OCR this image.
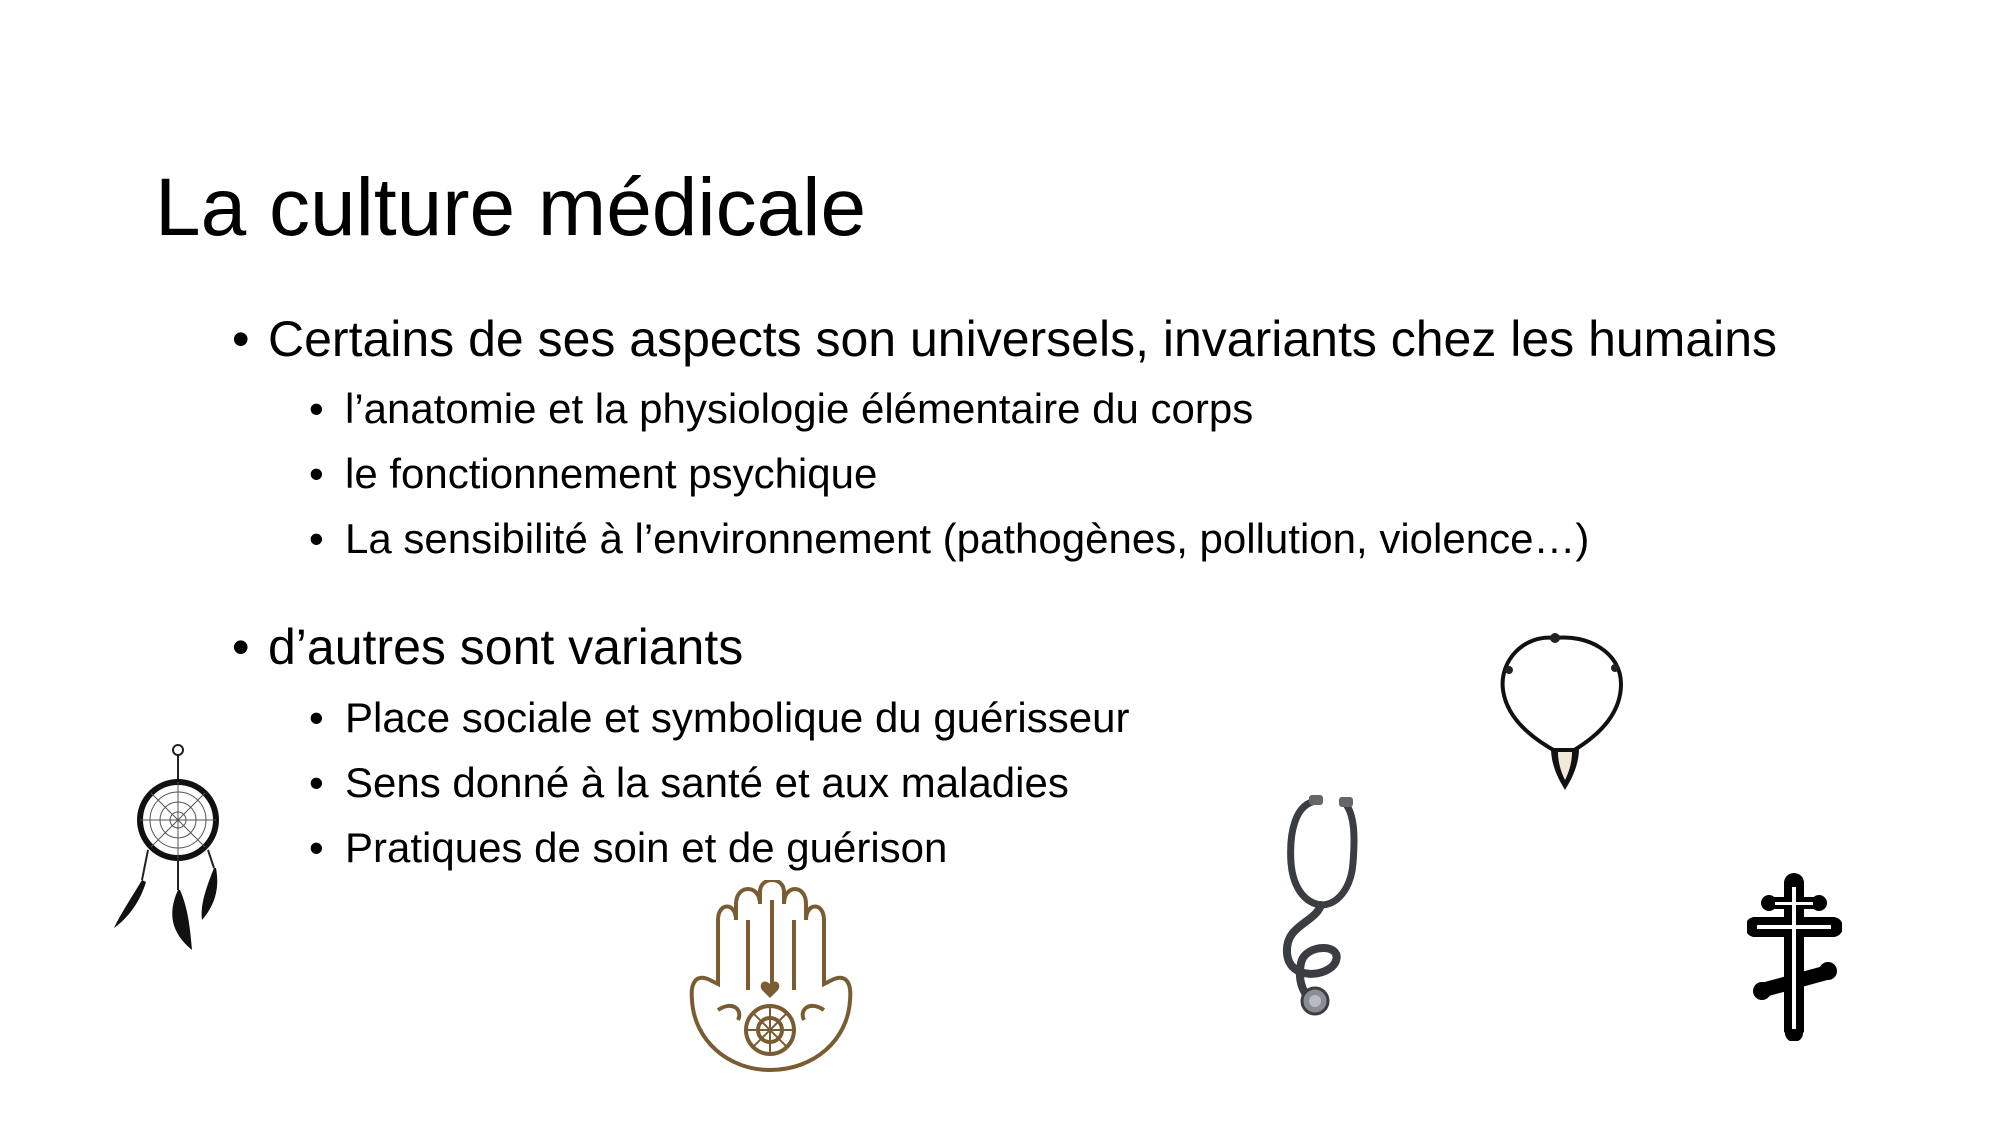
La culture médicale
• Certains de ses aspects son universels, invariants chez les humains
• l’anatomie et la physiologie élémentaire du corps
• le fonctionnement psychique
• La sensibilité à l’environnement (pathogènes, pollution, violence…)
• d’autres sont variants
• Place sociale et symbolique du guérisseur
• Sens donné à la santé et aux maladies
• Pratiques de soin et de guérison
